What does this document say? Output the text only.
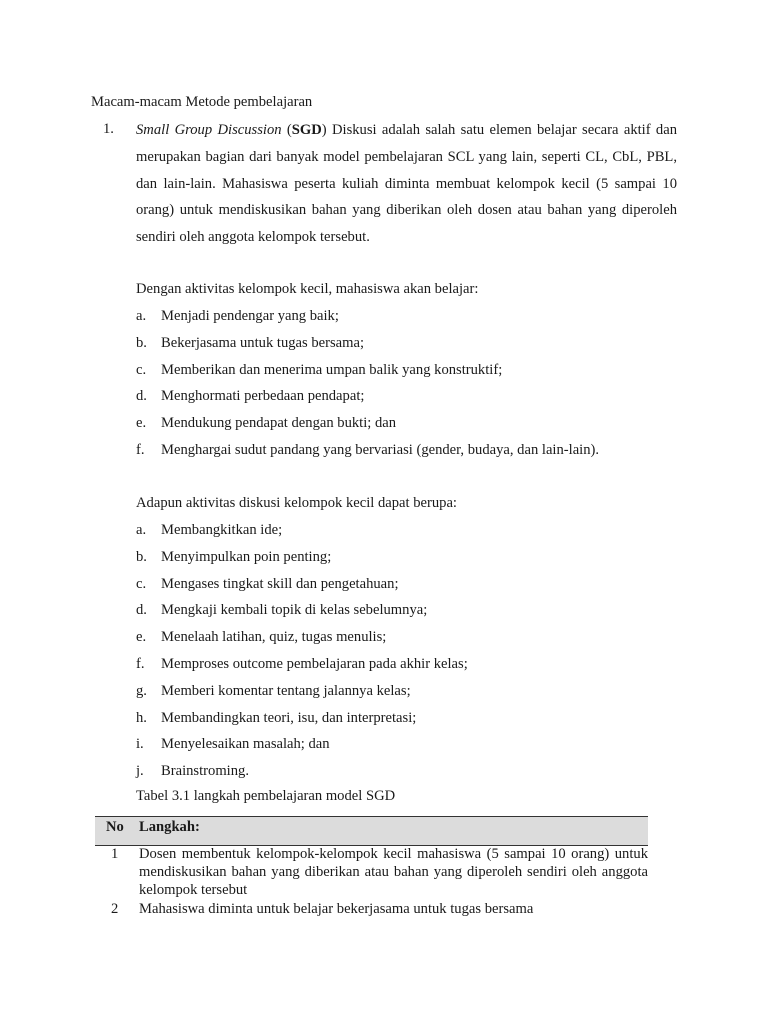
Macam-macam Metode pembelajaran
1. Small Group Discussion (SGD) Diskusi adalah salah satu elemen belajar secara aktif dan merupakan bagian dari banyak model pembelajaran SCL yang lain, seperti CL, CbL, PBL, dan lain-lain. Mahasiswa peserta kuliah diminta membuat kelompok kecil (5 sampai 10 orang) untuk mendiskusikan bahan yang diberikan oleh dosen atau bahan yang diperoleh sendiri oleh anggota kelompok tersebut.

Dengan aktivitas kelompok kecil, mahasiswa akan belajar:
a. Menjadi pendengar yang baik;
b. Bekerjasama untuk tugas bersama;
c. Memberikan dan menerima umpan balik yang konstruktif;
d. Menghormati perbedaan pendapat;
e. Mendukung pendapat dengan bukti; dan
f. Menghargai sudut pandang yang bervariasi (gender, budaya, dan lain-lain).
Adapun aktivitas diskusi kelompok kecil dapat berupa:
a. Membangkitkan ide;
b. Menyimpulkan poin penting;
c. Mengases tingkat skill dan pengetahuan;
d. Mengkaji kembali topik di kelas sebelumnya;
e. Menelaah latihan, quiz, tugas menulis;
f. Memproses outcome pembelajaran pada akhir kelas;
g. Memberi komentar tentang jalannya kelas;
h. Membandingkan teori, isu, dan interpretasi;
i. Menyelesaikan masalah; dan
j. Brainstroming.
Tabel 3.1 langkah pembelajaran model SGD
No Langkah:
1 Dosen membentuk kelompok-kelompok kecil mahasiswa (5 sampai 10 orang) untuk mendiskusikan bahan yang diberikan atau bahan yang diperoleh sendiri oleh anggota kelompok tersebut

2 Mahasiswa diminta untuk belajar bekerjasama untuk tugas bersama
